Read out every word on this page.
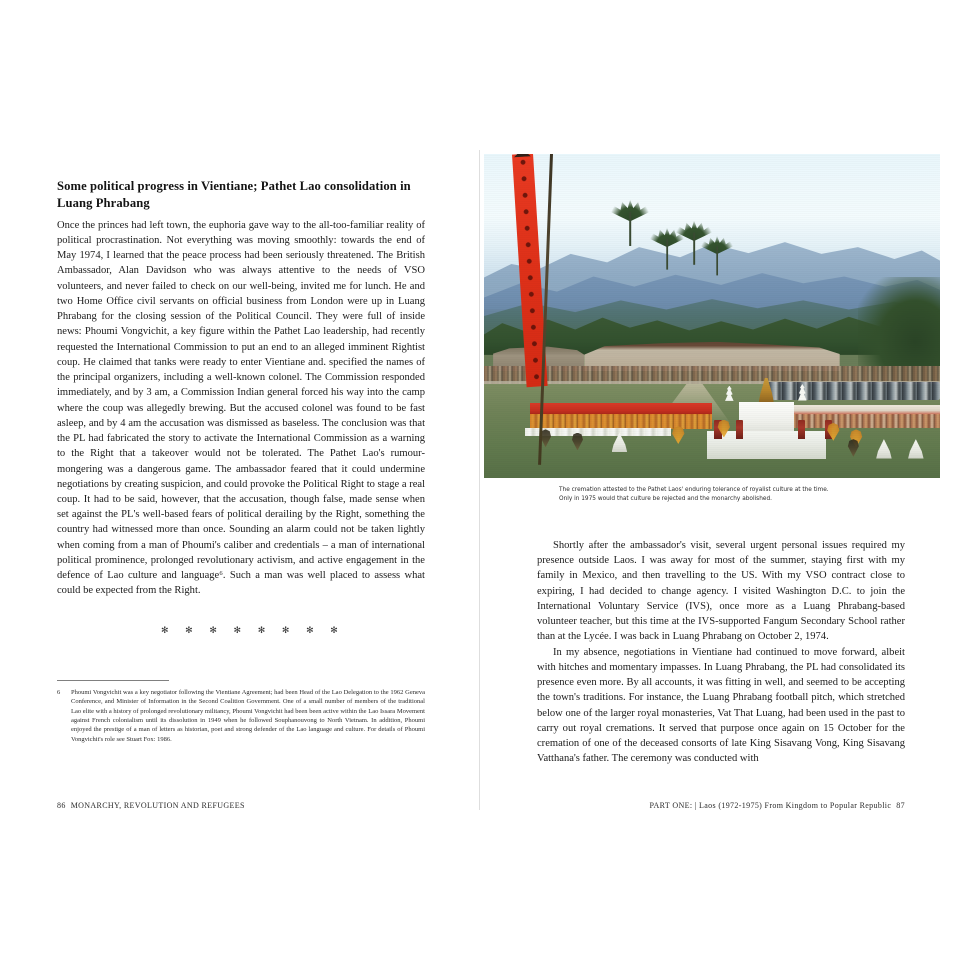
Some political progress in Vientiane; Pathet Lao consolidation in Luang Phrabang

Once the princes had left town, the euphoria gave way to the all-too-familiar reality of political procrastination. Not everything was moving smoothly: towards the end of May 1974, I learned that the peace process had been seriously threatened. The British Ambassador, Alan Davidson who was always attentive to the needs of VSO volunteers, and never failed to check on our well-being, invited me for lunch. He and two Home Office civil servants on official business from London were up in Luang Phrabang for the closing session of the Political Council. They were full of inside news: Phoumi Vongvichit, a key figure within the Pathet Lao leadership, had recently requested the International Commission to put an end to an alleged imminent Rightist coup. He claimed that tanks were ready to enter Vientiane and. specified the names of the principal organizers, including a well-known colonel. The Commission responded immediately, and by 3 am, a Commission Indian general forced his way into the camp where the coup was allegedly brewing. But the accused colonel was found to be fast asleep, and by 4 am the accusation was dismissed as baseless. The conclusion was that the PL had fabricated the story to activate the International Commission as a warning to the Right that a takeover would not be tolerated. The Pathet Lao's rumour-mongering was a dangerous game. The ambassador feared that it could undermine negotiations by creating suspicion, and could provoke the Political Right to stage a real coup. It had to be said, however, that the accusation, though false, made sense when set against the PL's well-based fears of political derailing by the Right, something the country had witnessed more than once. Sounding an alarm could not be taken lightly when coming from a man of Phoumi's caliber and credentials – a man of international political prominence, prolonged revolutionary activism, and active engagement in the defence of Lao culture and language⁶. Such a man was well placed to assess what could be expected from the Right.

✻ ✻ ✻ ✻ ✻ ✻ ✻ ✻
6	Phoumi Vongvichit was a key negotiator following the Vientiane Agreement; had been Head of the Lao Delegation to the 1962 Geneva Conference, and Minister of Information in the Second Coalition Government. One of a small number of members of the traditional Lao elite with a history of prolonged revolutionary militancy, Phoumi Vongvichit had been been active within the Lao Issara Movement against French colonialism until its dissolution in 1949 when he followed Souphanouvong to North Vietnam. In addition, Phoumi enjoyed the prestige of a man of letters as historian, poet and strong defender of the Lao language and culture. For details of Phoumi Vongvichit's role see Stuart Fox: 1986.
86 MONARCHY, REVOLUTION AND REFUGEES
The cremation attested to the Pathet Laos' enduring tolerance of royalist culture at the time.
Only in 1975 would that culture be rejected and the monarchy abolished.

Shortly after the ambassador's visit, several urgent personal issues required my presence outside Laos. I was away for most of the summer, staying first with my family in Mexico, and then travelling to the US. With my VSO contract close to expiring, I had decided to change agency. I visited Washington D.C. to join the International Voluntary Service (IVS), once more as a Luang Phrabang-based volunteer teacher, but this time at the IVS-supported Fangum Secondary School rather than at the Lycée. I was back in Luang Phrabang on October 2, 1974.

In my absence, negotiations in Vientiane had continued to move forward, albeit with hitches and momentary impasses. In Luang Phrabang, the PL had consolidated its presence even more. By all accounts, it was fitting in well, and seemed to be accepting the town's traditions. For instance, the Luang Phrabang football pitch, which stretched below one of the larger royal monasteries, Vat That Luang, had been used in the past to carry out royal cremations. It served that purpose once again on 15 October for the cremation of one of the deceased consorts of late King Sisavang Vong, King Sisavang Vatthana's father. The ceremony was conducted with

PART ONE: | Laos (1972-1975) From Kingdom to Popular Republic 87
